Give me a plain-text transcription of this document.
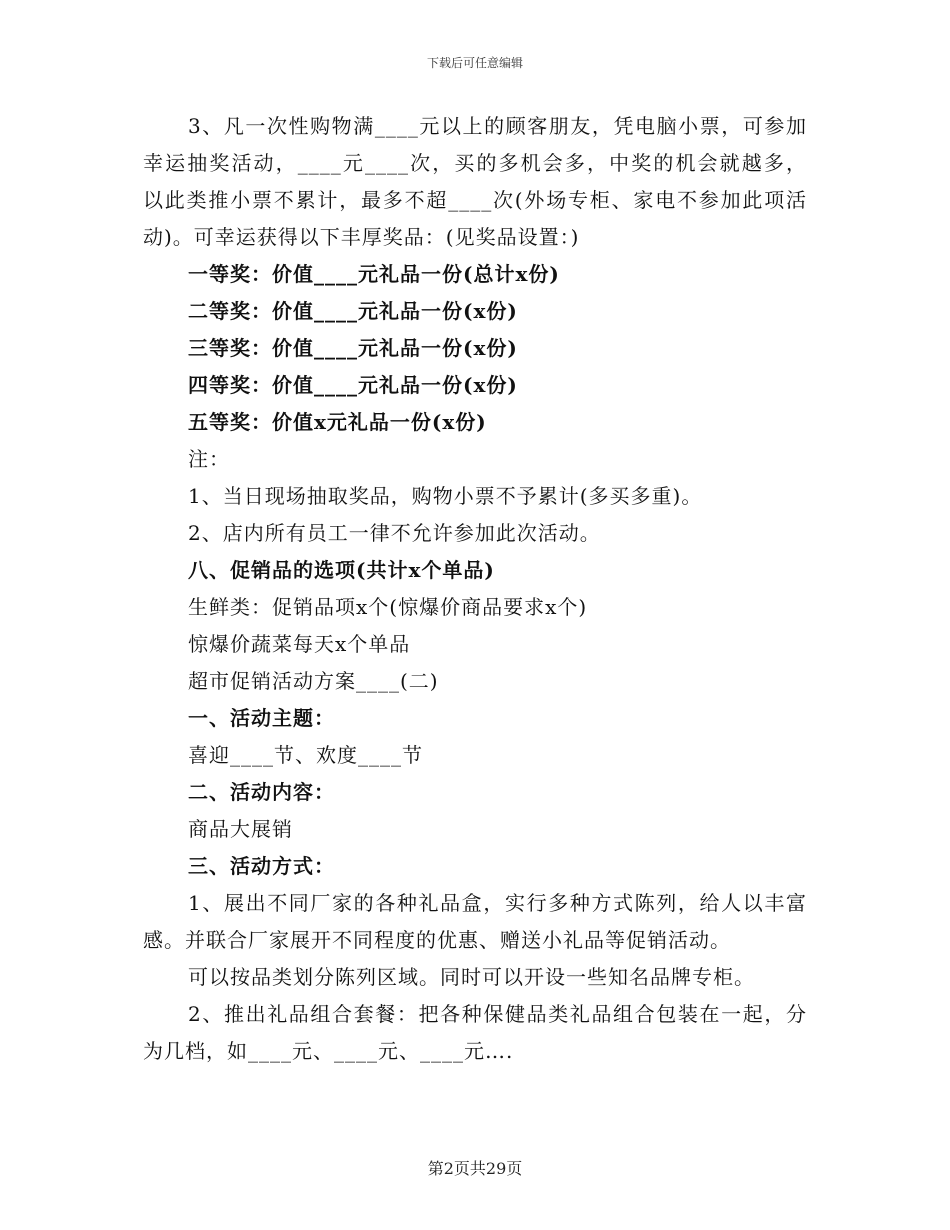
下载后可任意编辑
3、凡一次性购物满____元以上的顾客朋友，凭电脑小票，可参加
幸运抽奖活动，____元____次，买的多机会多，中奖的机会就越多，
以此类推小票不累计，最多不超____次(外场专柜、家电不参加此项活
动)。可幸运获得以下丰厚奖品：(见奖品设置：)
一等奖：价值____元礼品一份(总计x份)
二等奖：价值____元礼品一份(x份)
三等奖：价值____元礼品一份(x份)
四等奖：价值____元礼品一份(x份)
五等奖：价值x元礼品一份(x份)
注：
1、当日现场抽取奖品，购物小票不予累计(多买多重)。
2、店内所有员工一律不允许参加此次活动。
八、促销品的选项(共计x个单品)
生鲜类：促销品项x个(惊爆价商品要求x个)
惊爆价蔬菜每天x个单品
超市促销活动方案____(二)
一、活动主题：
喜迎____节、欢度____节
二、活动内容：
商品大展销
三、活动方式：
1、展出不同厂家的各种礼品盒，实行多种方式陈列，给人以丰富
感。并联合厂家展开不同程度的优惠、赠送小礼品等促销活动。
可以按品类划分陈列区域。同时可以开设一些知名品牌专柜。
2、推出礼品组合套餐：把各种保健品类礼品组合包装在一起，分
为几档，如____元、____元、____元….
第2页共29页
